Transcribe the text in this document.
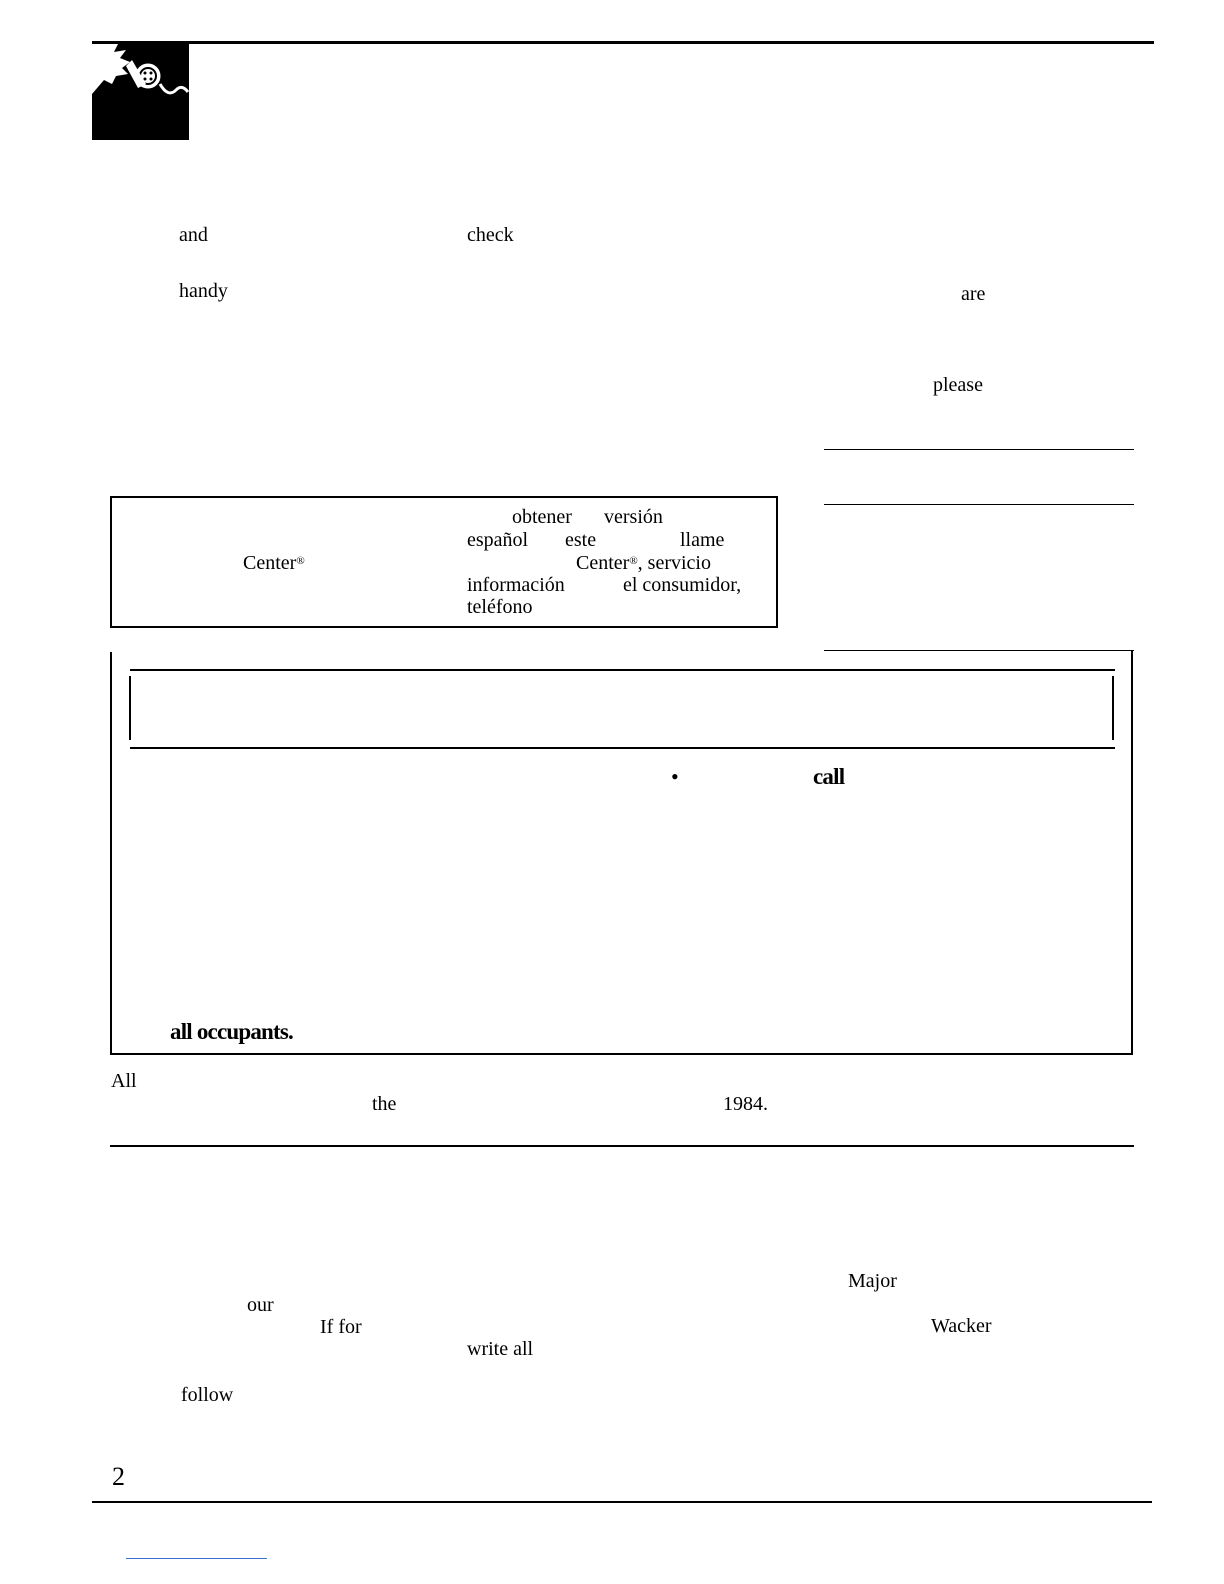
and	check
handy	are
please
obtener versión
español este	llame
Center®	Center®, servicio
información	el consumidor,
teléfono
•	call
all occupants.
All
the	1984.
Major
our
If for	Wacker
write all
follow
2
